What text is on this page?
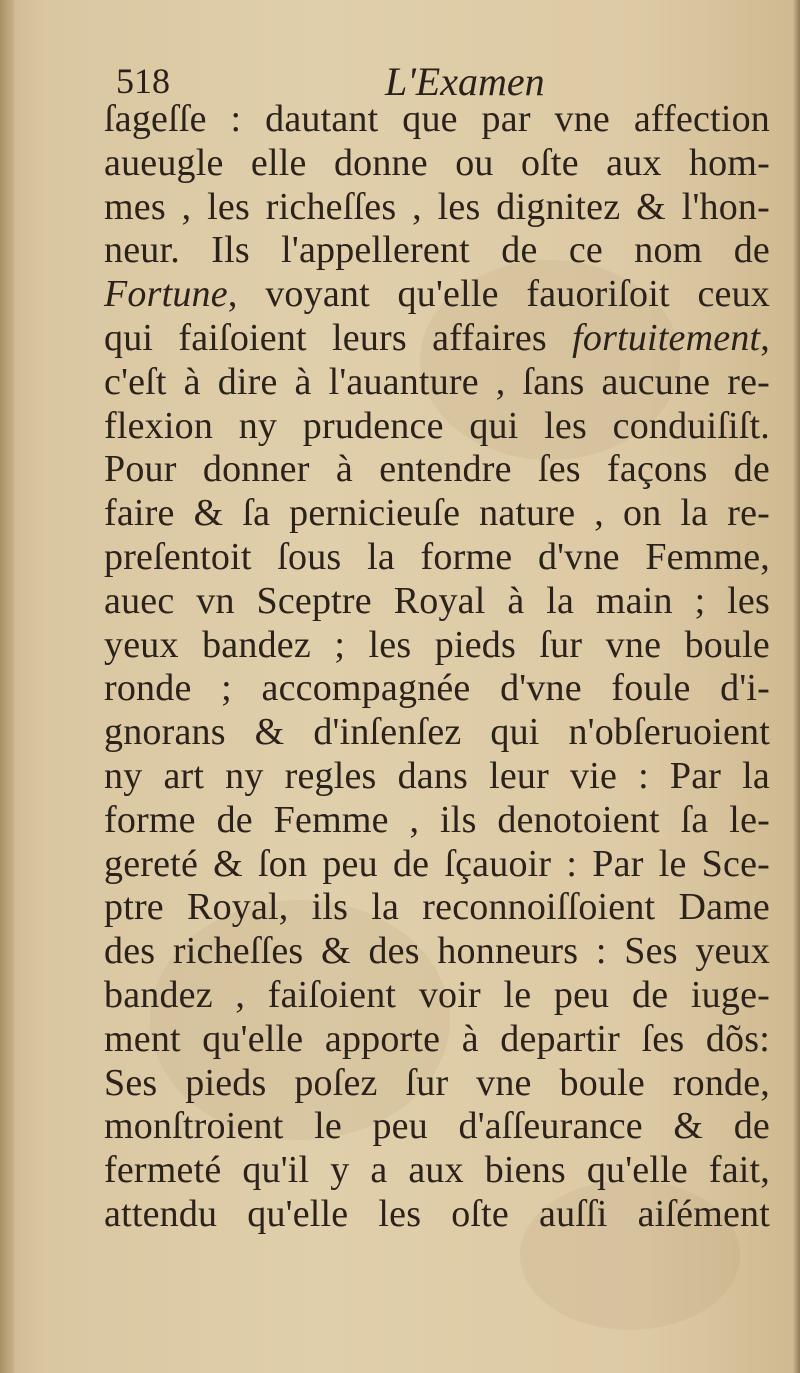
518	L'Examen
ſageſſe : dautant que par vne affection
aueugle elle donne ou oſte aux hom-
mes , les richeſſes , les dignitez & l'hon-
neur. Ils l'appellerent de ce nom de
Fortune, voyant qu'elle fauoriſoit ceux
qui faiſoient leurs affaires fortuitement,
c'eſt à dire à l'auanture , ſans aucune re-
flexion ny prudence qui les conduiſiſt.
Pour donner à entendre ſes façons de
faire & ſa pernicieuſe nature , on la re-
preſentoit ſous la forme d'vne Femme,
auec vn Sceptre Royal à la main ; les
yeux bandez ; les pieds ſur vne boule
ronde ; accompagnée d'vne foule d'i-
gnorans & d'inſenſez qui n'obſeruoient
ny art ny regles dans leur vie : Par la
forme de Femme , ils denotoient ſa le-
gereté & ſon peu de ſçauoir : Par le Sce-
ptre Royal, ils la reconnoiſſoient Dame
des richeſſes & des honneurs : Ses yeux
bandez , faiſoient voir le peu de iuge-
ment qu'elle apporte à departir ſes dõs:
Ses pieds poſez ſur vne boule ronde,
monſtroient le peu d'aſſeurance & de
fermeté qu'il y a aux biens qu'elle fait,
attendu qu'elle les oſte auſſi aiſément
